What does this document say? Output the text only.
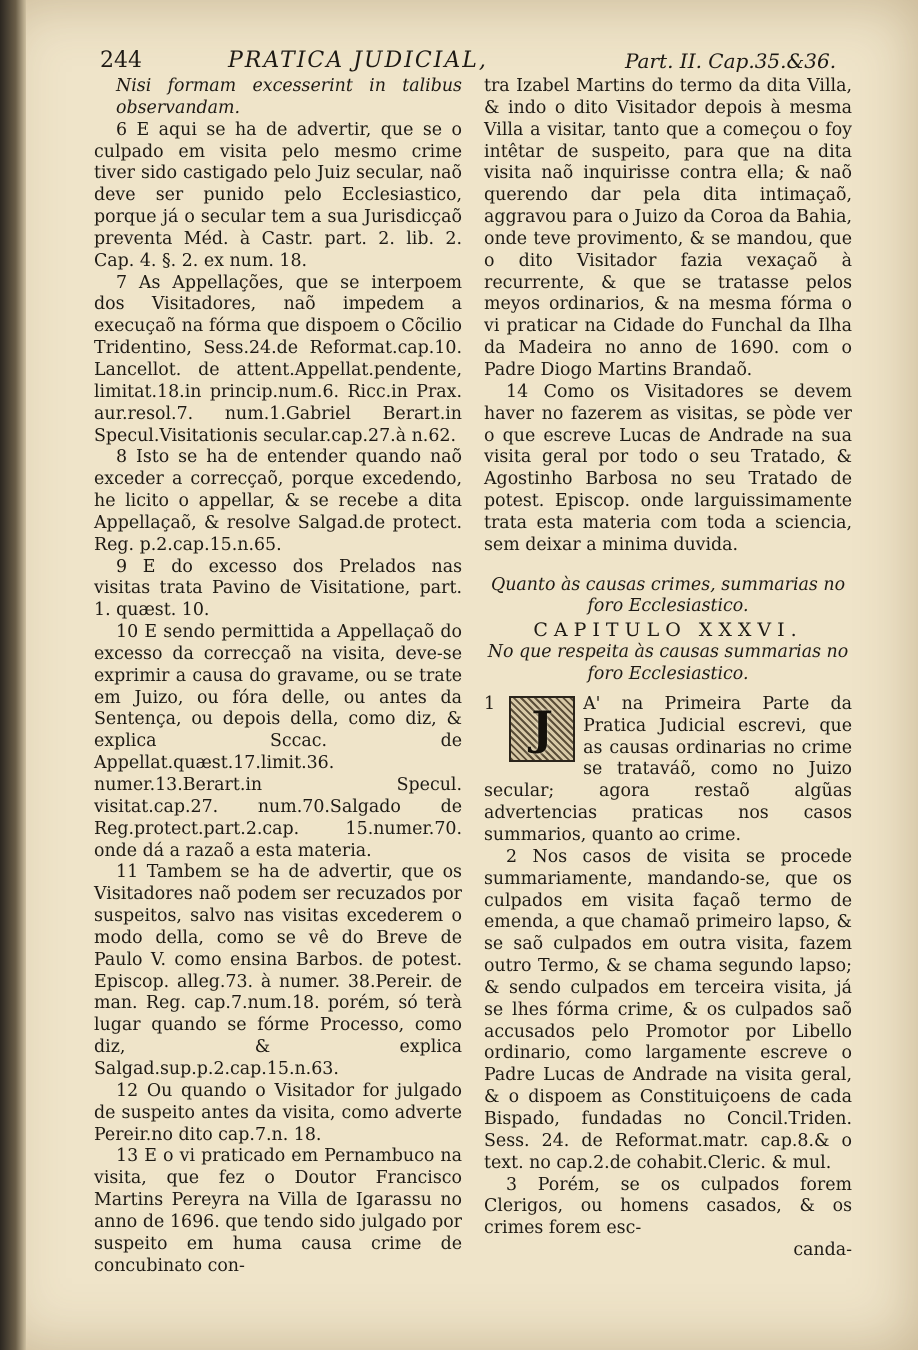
244	PRATICA JUDICIAL,	Part. II. Cap.35.&36.

Nisi formam excesserint in talibus observandam.

6 E aqui se ha de advertir, que se o culpado em visita pelo mesmo crime tiver sido castigado pelo Juiz secular, naõ deve ser punido pelo Ecclesiastico, porque já o secular tem a sua Jurisdicçaõ preventa Méd. à Castr. part. 2. lib. 2. Cap. 4. §. 2. ex num. 18.

7 As Appellações, que se interpoem dos Visitadores, naõ impedem a execuçaõ na fórma que dispoem o Cõcilio Tridentino, Sess.24.de Reformat.cap.10. Lancellot. de attent.Appellat.pendente, limitat.18.in princip.num.6. Ricc.in Prax. aur.resol.7. num.1.Gabriel Berart.in Specul.Visitationis secular.cap.27.à n.62.

8 Isto se ha de entender quando naõ exceder a correcçaõ, porque excedendo, he licito o appellar, & se recebe a dita Appellaçaõ, & resolve Salgad.de protect. Reg. p.2.cap.15.n.65.

9 E do excesso dos Prelados nas visitas trata Pavino de Visitatione, part. 1. quæst. 10.

10 E sendo permittida a Appellaçaõ do excesso da correcçaõ na visita, deve-se exprimir a causa do gravame, ou se trate em Juizo, ou fóra delle, ou antes da Sentença, ou depois della, como diz, & explica Sccac. de Appellat.quæst.17.limit.36. numer.13.Berart.in Specul. visitat.cap.27. num.70.Salgado de Reg.protect.part.2.cap. 15.numer.70. onde dá a razaõ a esta materia.

11 Tambem se ha de advertir, que os Visitadores naõ podem ser recuzados por suspeitos, salvo nas visitas excederem o modo della, como se vê do Breve de Paulo V. como ensina Barbos. de potest. Episcop. alleg.73. à numer. 38.Pereir. de man. Reg. cap.7.num.18. porém, só terà lugar quando se fórme Processo, como diz, & explica Salgad.sup.p.2.cap.15.n.63.

12 Ou quando o Visitador for julgado de suspeito antes da visita, como adverte Pereir.no dito cap.7.n. 18.

13 E o vi praticado em Pernambuco na visita, que fez o Doutor Francisco Martins Pereyra na Villa de Igarassu no anno de 1696. que tendo sido julgado por suspeito em huma causa crime de concubinato con-

tra Izabel Martins do termo da dita Villa, & indo o dito Visitador depois à mesma Villa a visitar, tanto que a começou o foy intêtar de suspeito, para que na dita visita naõ inquirisse contra ella; & naõ querendo dar pela dita intimaçaõ, aggravou para o Juizo da Coroa da Bahia, onde teve provimento, & se mandou, que o dito Visitador fazia vexaçaõ à recurrente, & que se tratasse pelos meyos ordinarios, & na mesma fórma o vi praticar na Cidade do Funchal da Ilha da Madeira no anno de 1690. com o Padre Diogo Martins Brandaõ.

14 Como os Visitadores se devem haver no fazerem as visitas, se pòde ver o que escreve Lucas de Andrade na sua visita geral por todo o seu Tratado, & Agostinho Barbosa no seu Tratado de potest. Episcop. onde larguissimamente trata esta materia com toda a sciencia, sem deixar a minima duvida.

Quanto às causas crimes, summarias no foro Ecclesiastico.

CAPITULO XXXVI.

No que respeita às causas summarias no foro Ecclesiastico.

1 J	A' na Primeira Parte da Pratica Judicial escrevi, que as causas ordinarias no crime se trataváõ, como no Juizo secular; agora restaõ algũas advertencias praticas nos casos summarios, quanto ao crime.

2 Nos casos de visita se procede summariamente, mandando-se, que os culpados em visita façaõ termo de emenda, a que chamaõ primeiro lapso, & se saõ culpados em outra visita, fazem outro Termo, & se chama segundo lapso; & sendo culpados em terceira visita, já se lhes fórma crime, & os culpados saõ accusados pelo Promotor por Libello ordinario, como largamente escreve o Padre Lucas de Andrade na visita geral, & o dispoem as Constituiçoens de cada Bispado, fundadas no Concil.Triden. Sess. 24. de Reformat.matr. cap.8.& o text. no cap.2.de cohabit.Cleric. & mul.

3 Porém, se os culpados forem Clerigos, ou homens casados, & os crimes forem esc-

canda-
